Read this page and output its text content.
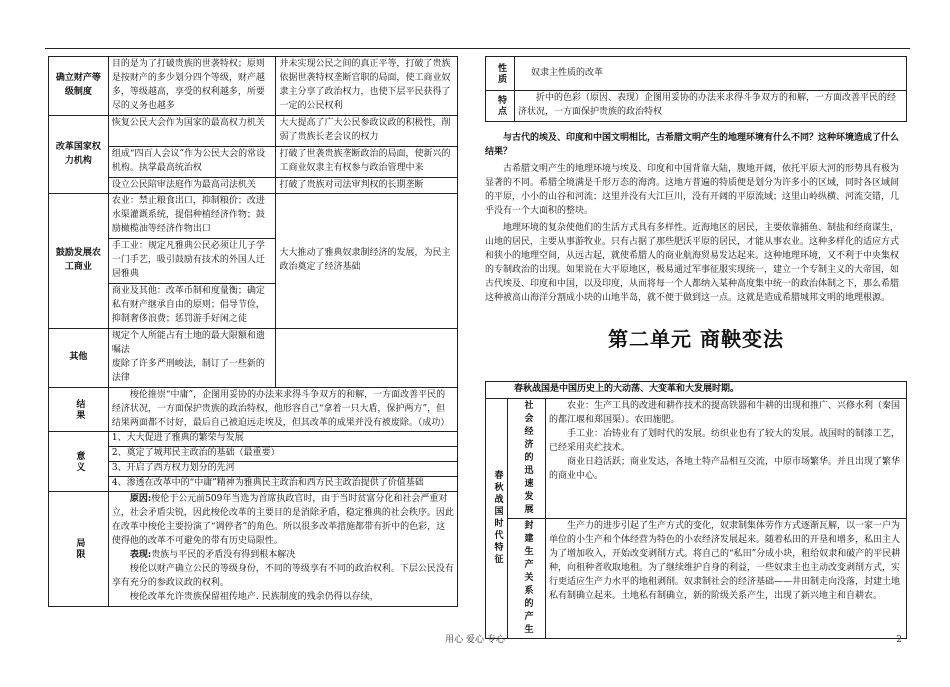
确立财产等级制度	目的是为了打破贵族的世袭特权；原则是按财产的多少划分四个等级，财产越多，等级越高，享受的权利越多，所要尽的义务也越多	并未实现公民之间的真正平等，打破了贵族依据世袭特权垄断官职的局面，使工商业奴隶主分享了政治权力，也使下层平民获得了一定的公民权利
改革国家权力机构	恢复公民大会作为国家的最高权力机关	大大提高了广大公民参政议政的积极性，削弱了贵族长老会议的权力
	组成“四百人会议”作为公民大会的常设机构。执掌最高统治权	打破了世袭贵族垄断政治的局面，使新兴的工商业奴隶主有权参与政治管理中来
	设立公民陪审法庭作为最高司法机关	打破了贵族对司法审判权的长期垄断
鼓励发展农工商业	农业：禁止粮食出口，抑制粮价；改进水渠灌溉系统，提倡种植经济作物；鼓励橄榄油等经济作物出口	大大推动了雅典奴隶制经济的发展，为民主政治奠定了经济基础
	手工业：规定凡雅典公民必须让儿子学一门手艺，吸引鼓励有技术的外国人迁居雅典	
	商业及其他：改革币制和度量衡；确定私有财产继承自由的原则；倡导节俭，抑制奢侈浪费；惩罚游手好闲之徒	
其他	规定个人所能占有土地的最大限额和遗嘱法
废除了许多严刑峻法，制订了一些新的法律	
结果	梭伦推崇“中庸”，企图用妥协的办法来求得斗争双方的和解，一方面改善平民的经济状况，一方面保护贵族的政治特权，他形容自己“拿着一只大盾，保护两方”，但结果两面都不讨好，最后自己被迫远走埃及，但其改革的成果并没有被废除。（成功）	
意义	1、大大促进了雅典的繁荣与发展
2、奠定了城邦民主政治的基础（最重要）
3、开启了西方权力划分的先河
4、渗透在改革中的“中庸”精神为雅典民主政治和西方民主政治提供了价值基础	

局限	原因:梭伦于公元前509年当选为首席执政官时，由于当时贫富分化和社会严重对立，社会矛盾尖锐，因此梭伦改革的主要目的是消除矛盾，稳定雅典的社会秩序。因此在改革中梭伦主要扮演了“调停者”的角色。所以很多改革措施都带有折中的色彩，这使得他的改革不可避免的带有历史局限性。
表现:贵族与平民的矛盾没有得到根本解决
梭伦以财产确立公民的等级身份，不同的等级享有不同的政治权利。下层公民没有享有充分的参政议政的权利。
梭伦改革允许贵族保留祖传地产. 民族制度的残余仍得以存续，	
性质	奴隶主性质的改革
特点	折中的色彩（原因、表现）企图用妥协的办法来求得斗争双方的和解，一方面改善平民的经济状况，一方面保护贵族的政治特权
与古代的埃及、印度和中国文明相比，古希腊文明产生的地理环境有什么不同？这种环境造成了什么结果？
古希腊文明产生的地理环境与埃及、印度和中国背靠大陆，腹地开阔，依托平原大河的形势具有极为显著的不同。希腊全境满是千形万态的海湾。这地方普遍的特质便是划分为许多小的区域，同时各区域间的平原，小小的山谷和河流；这里并没有大江巨川，没有开阔的平原流域；这里山岭纵横、河流交错，几乎没有一个大面积的整块。
地理环境的复杂使他们的生活方式具有多样性。近海地区的居民，主要依靠捕鱼、制盐和经商谋生，山地的居民，主要从事游牧业。只有占据了那些肥沃平原的居民，才能从事农业。这种多样化的适应方式和狭小的地理空间，从远古起，就使希腊人的商业航海贸易发达起来。这种地理环境，又不利于中央集权的专制政治的出现。如果说在大平原地区，极易通过军事征服实现统一，建立一个专制主义的大帝国，如古代埃及、印度和中国，以及印度，从而将每一个人都纳入某种高度集中统一的政治体制之下，那么希腊这种被高山海洋分割成小块的山地半岛，就不便于做到这一点。这就是造成希腊城邦文明的地理根源。
第二单元 商鞅变法
春秋战国是中国历史上的大动荡、大变革和大发展时期。		
春秋战国时代特征	社会经济的迅速发展	农业：生产工具的改进和耕作技术的提高铁器和牛耕的出现和推广、兴修水利（秦国的都江堰和郑国渠）。农田施肥。
手工业：冶铸业有了划时代的发展。纺织业也有了较大的发展。战国时的制漆工艺，已经采用夹纻技术。
商业日趋活跃；商业发达，各地土特产品相互交流，中原市场繁华。并且出现了繁华的商业中心。

	封建生产关系的产生	生产力的进步引起了生产方式的变化，奴隶制集体劳作方式逐渐瓦解，以一家一户为单位的小生产和个体经营为特色的小农经济发展起来。随着私田的开垦和增多，私田主人为了增加收入，开始改变剥削方式。将自己的“私田”分成小块，租给奴隶和破产的平民耕种，向租种者收取地租。为了继续维护自身的利益，一些奴隶主也主动改变剥削方式，实行更适应生产力水平的地租剥削。奴隶制社会的经济基础——井田制走向没落，封建土地私有制确立起来。土地私有制确立，新的阶级关系产生，出现了新兴地主和自耕农。
用心 爱心 专心	2
